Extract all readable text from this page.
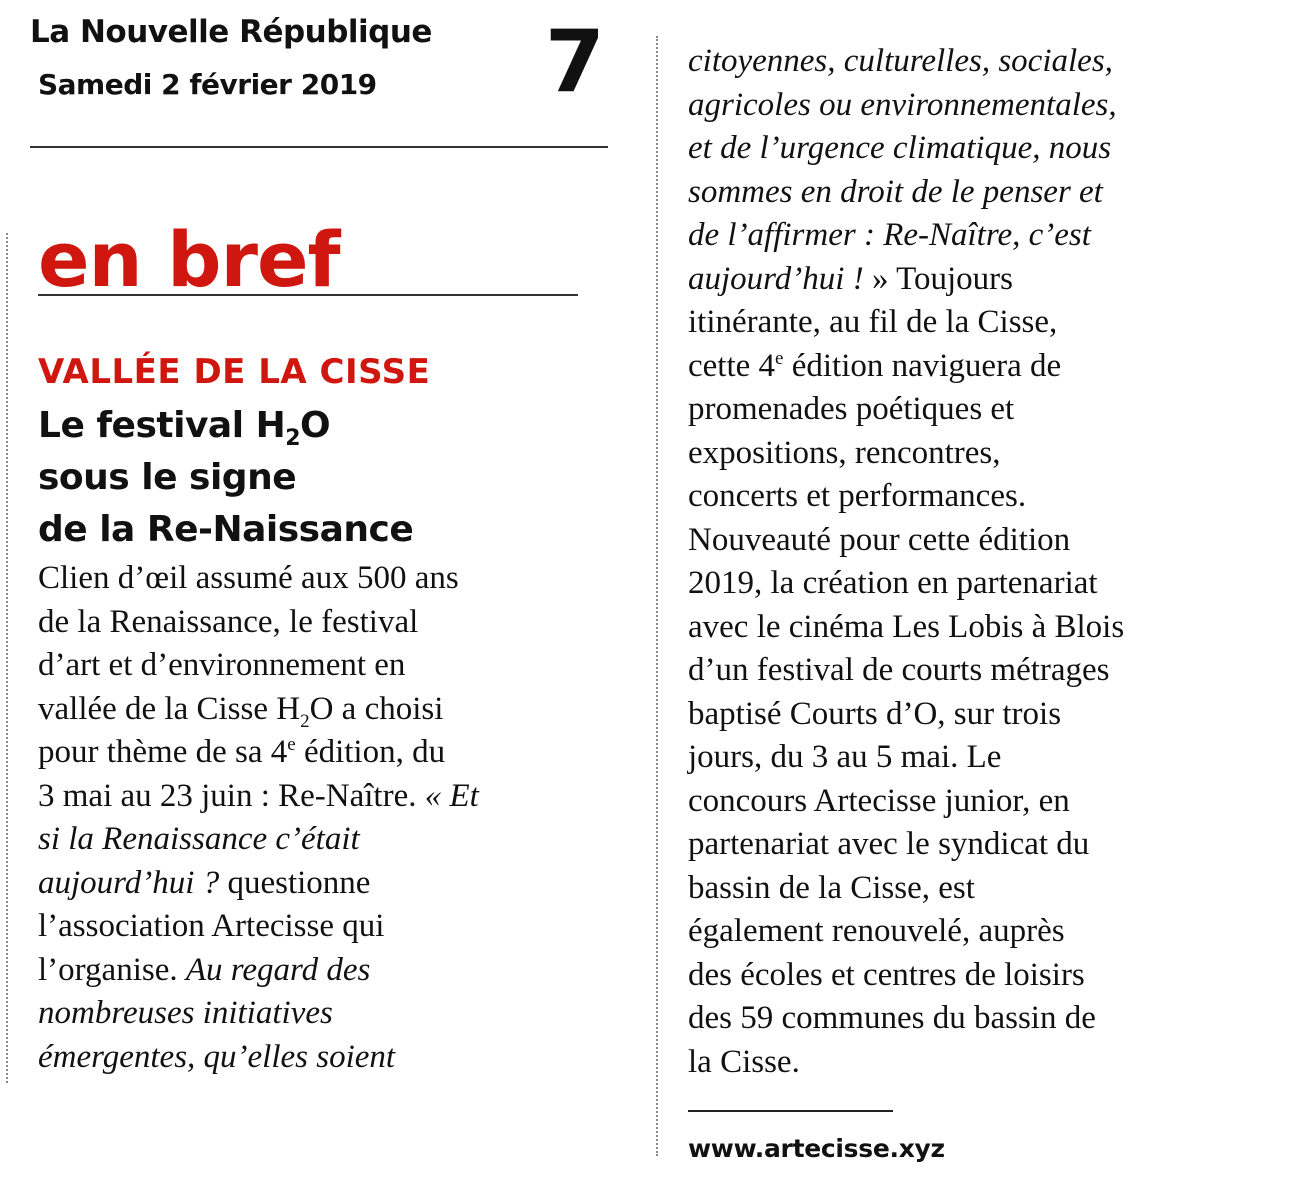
La Nouvelle République
Samedi 2 février 2019 7
en bref
VALLÉE DE LA CISSE
Le festival $H_2O$
sous le signe
de la Re-Naissance
Clien d’œil assumé aux 500 ans
de la Renaissance, le festival
d’art et d’environnement en
vallée de la Cisse $H_2O$ a choisi
pour thème de sa 4e édition, du
3 mai au 23 juin : Re-Naître. « Et
si la Renaissance c’était
aujourd’hui ? questionne
l’association Artecisse qui
l’organise. Au regard des
nombreuses initiatives
émergentes, qu’elles soient
citoyennes, culturelles, sociales,
agricoles ou environnementales,
et de l’urgence climatique, nous
sommes en droit de le penser et
de l’affirmer : Re-Naître, c’est
aujourd’hui ! » Toujours
itinérante, au fil de la Cisse,
cette 4e édition naviguera de
promenades poétiques et
expositions, rencontres,
concerts et performances.
Nouveauté pour cette édition
2019, la création en partenariat
avec le cinéma Les Lobis à Blois
d’un festival de courts métrages
baptisé Courts d’O, sur trois
jours, du 3 au 5 mai. Le
concours Artecisse junior, en
partenariat avec le syndicat du
bassin de la Cisse, est
également renouvelé, auprès
des écoles et centres de loisirs
des 59 communes du bassin de
la Cisse.
www.artecisse.xyz
